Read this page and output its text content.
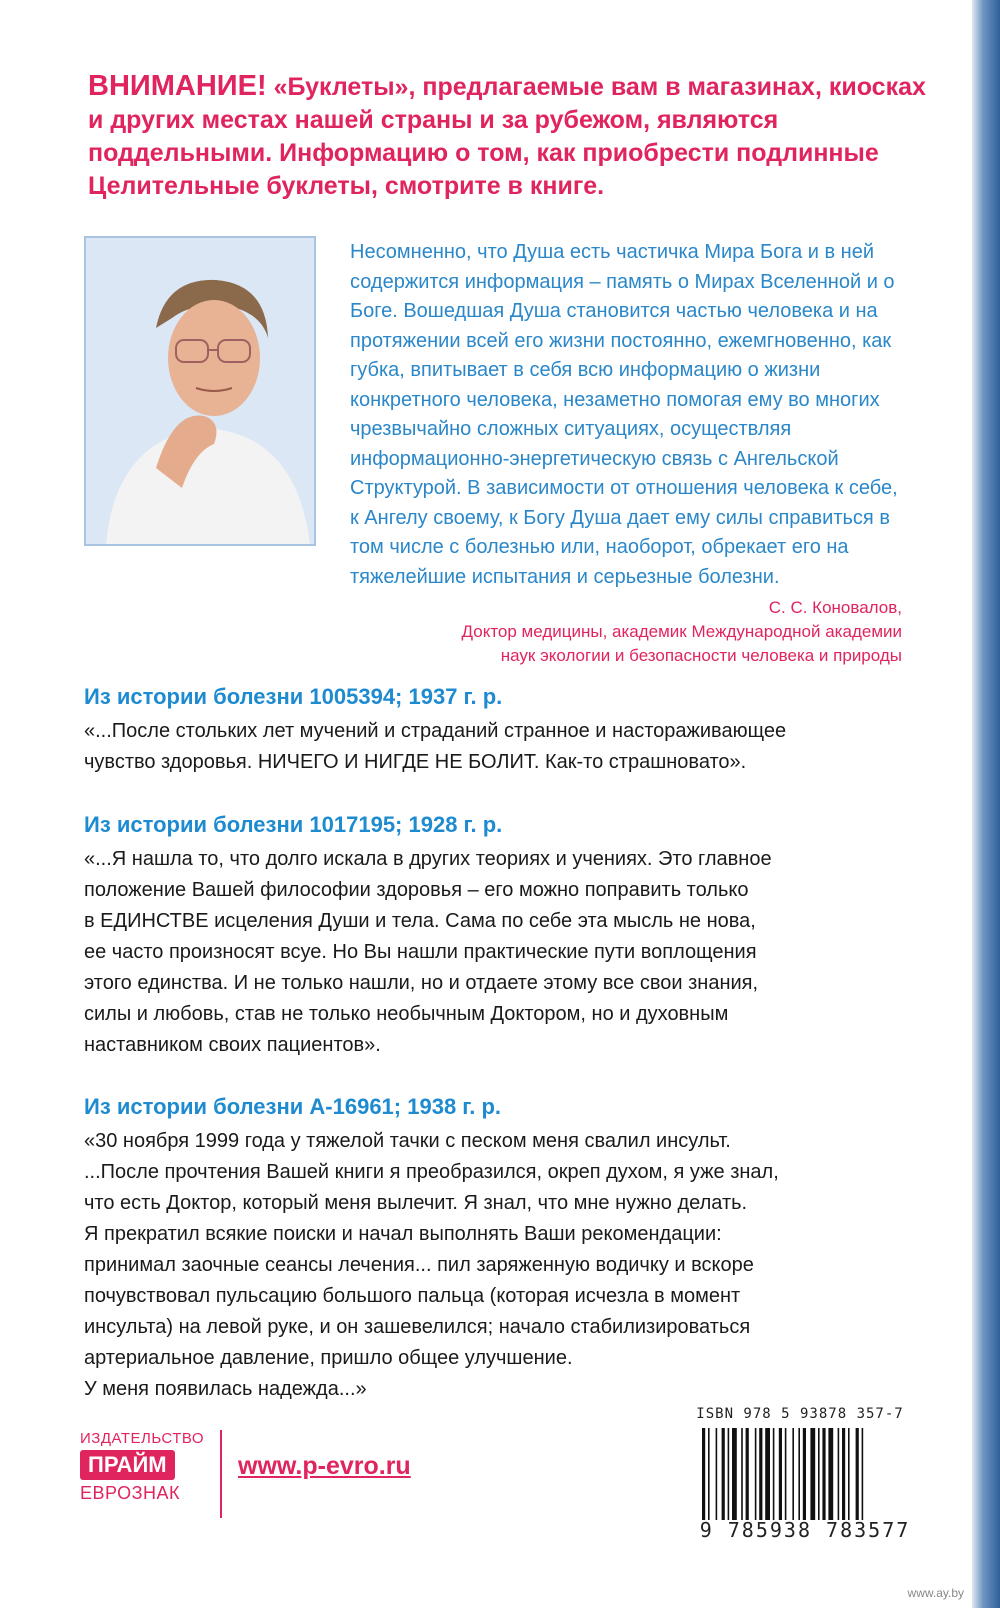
ВНИМАНИЕ! «Буклеты», предлагаемые вам в магазинах, киосках и других местах нашей страны и за рубежом, являются поддельными. Информацию о том, как приобрести подлинные Целительные буклеты, смотрите в книге.
Несомненно, что Душа есть частичка Мира Бога и в ней содержится информация – память о Мирах Вселенной и о Боге. Вошедшая Душа становится частью человека и на протяжении всей его жизни постоянно, ежемгновенно, как губка, впитывает в себя всю информацию о жизни конкретного человека, незаметно помогая ему во многих чрезвычайно сложных ситуациях, осуществляя информационно-энергетическую связь с Ангельской Структурой. В зависимости от отношения человека к себе, к Ангелу своему, к Богу Душа дает ему силы справиться в том числе с болезнью или, наоборот, обрекает его на тяжелейшие испытания и серьезные болезни.
С. С. Коновалов,
Доктор медицины, академик Международной академии
наук экологии и безопасности человека и природы
Из истории болезни 1005394; 1937 г. р.
«...После стольких лет мучений и страданий странное и настораживающее
чувство здоровья. НИЧЕГО И НИГДЕ НЕ БОЛИТ. Как-то страшновато».
Из истории болезни 1017195; 1928 г. р.
«...Я нашла то, что долго искала в других теориях и учениях. Это главное
положение Вашей философии здоровья – его можно поправить только
в ЕДИНСТВЕ исцеления Души и тела. Сама по себе эта мысль не нова,
ее часто произносят всуе. Но Вы нашли практические пути воплощения
этого единства. И не только нашли, но и отдаете этому все свои знания,
силы и любовь, став не только необычным Доктором, но и духовным
наставником своих пациентов».
Из истории болезни А-16961; 1938 г. р.
«30 ноября 1999 года у тяжелой тачки с песком меня свалил инсульт.
...После прочтения Вашей книги я преобразился, окреп духом, я уже знал,
что есть Доктор, который меня вылечит. Я знал, что мне нужно делать.
Я прекратил всякие поиски и начал выполнять Ваши рекомендации:
принимал заочные сеансы лечения... пил заряженную водичку и вскоре
почувствовал пульсацию большого пальца (которая исчезла в момент
инсульта) на левой руке, и он зашевелился; начало стабилизироваться
артериальное давление, пришло общее улучшение.
У меня появилась надежда...»
ИЗДАТЕЛЬСТВО
ПРАЙМ
ЕВРОЗНАК
www.p-evro.ru
ISBN 978 5 93878 357-7
9 785938 783577
www.ay.by
